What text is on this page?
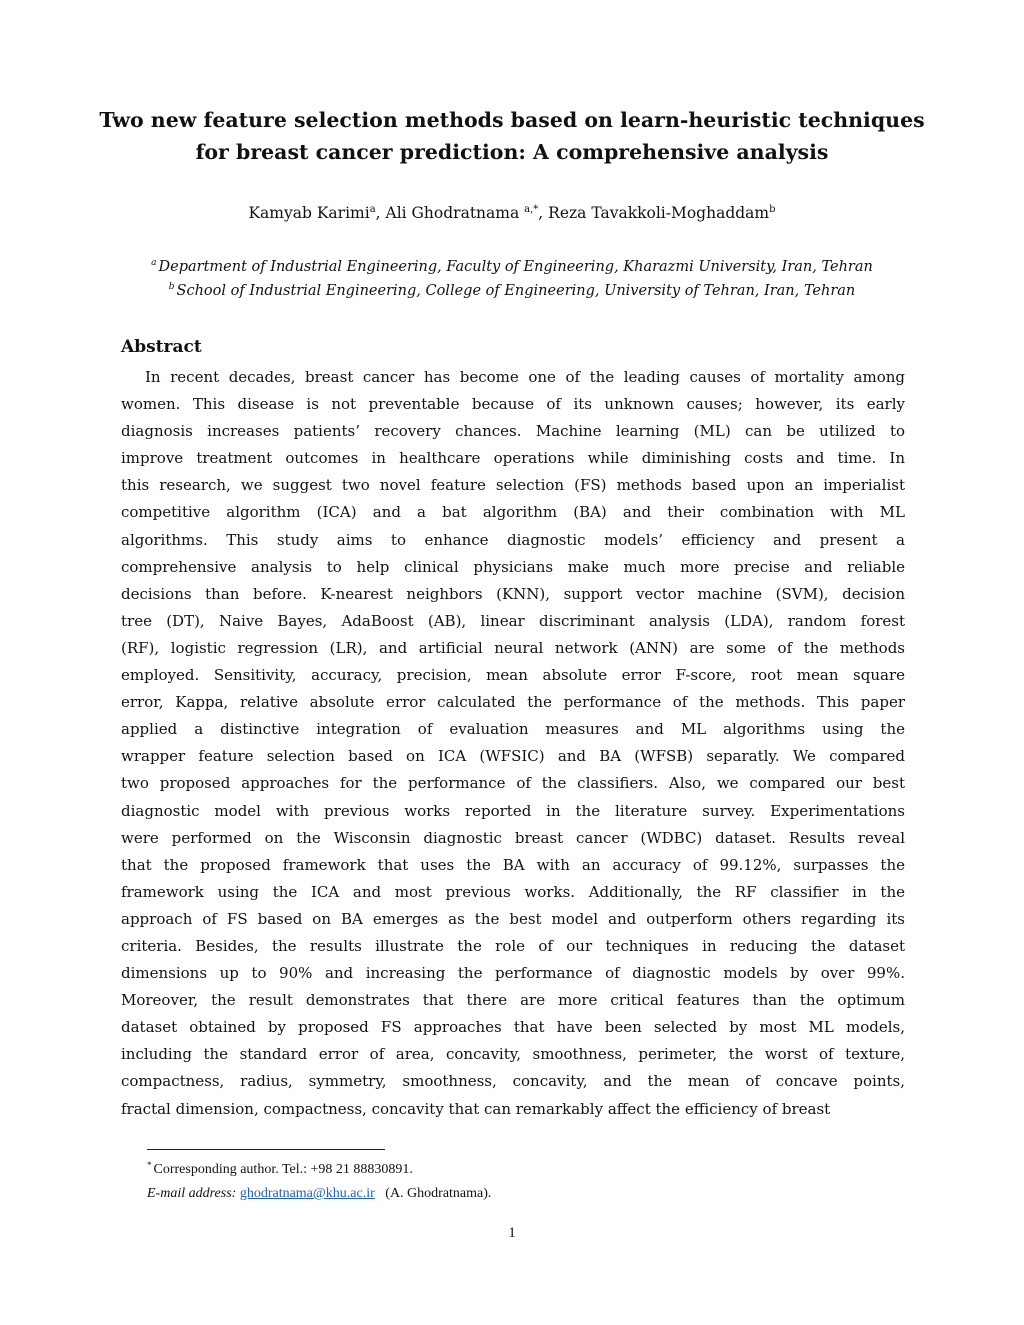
Two new feature selection methods based on learn-heuristic techniques
for breast cancer prediction: A comprehensive analysis
Kamyab Karimi$^a$, Ali Ghodratnama $^{a,*}$, Reza Tavakkoli-Moghaddam$^b$
$^a$ Department of Industrial Engineering, Faculty of Engineering, Kharazmi University, Iran, Tehran
$^b$ School of Industrial Engineering, College of Engineering, University of Tehran, Iran, Tehran
Abstract
In recent decades, breast cancer has become one of the leading causes of mortality among
women. This disease is not preventable because of its unknown causes; however, its early
diagnosis increases patients’ recovery chances. Machine learning (ML) can be utilized to
improve treatment outcomes in healthcare operations while diminishing costs and time. In
this research, we suggest two novel feature selection (FS) methods based upon an imperialist
competitive algorithm (ICA) and a bat algorithm (BA) and their combination with ML
algorithms. This study aims to enhance diagnostic models’ efficiency and present a
comprehensive analysis to help clinical physicians make much more precise and reliable
decisions than before. K-nearest neighbors (KNN), support vector machine (SVM), decision
tree (DT), Naive Bayes, AdaBoost (AB), linear discriminant analysis (LDA), random forest
(RF), logistic regression (LR), and artificial neural network (ANN) are some of the methods
employed. Sensitivity, accuracy, precision, mean absolute error F-score, root mean square
error, Kappa, relative absolute error calculated the performance of the methods. This paper
applied a distinctive integration of evaluation measures and ML algorithms using the
wrapper feature selection based on ICA (WFSIC) and BA (WFSB) separatly. We compared
two proposed approaches for the performance of the classifiers. Also, we compared our best
diagnostic model with previous works reported in the literature survey. Experimentations
were performed on the Wisconsin diagnostic breast cancer (WDBC) dataset. Results reveal
that the proposed framework that uses the BA with an accuracy of 99.12%, surpasses the
framework using the ICA and most previous works. Additionally, the RF classifier in the
approach of FS based on BA emerges as the best model and outperform others regarding its
criteria. Besides, the results illustrate the role of our techniques in reducing the dataset
dimensions up to 90% and increasing the performance of diagnostic models by over 99%.
Moreover, the result demonstrates that there are more critical features than the optimum
dataset obtained by proposed FS approaches that have been selected by most ML models,
including the standard error of area, concavity, smoothness, perimeter, the worst of texture,
compactness, radius, symmetry, smoothness, concavity, and the mean of concave points,
fractal dimension, compactness, concavity that can remarkably affect the efficiency of breast
* Corresponding author. Tel.: +98 21 88830891.
E-mail address: ghodratnama@khu.ac.ir (A. Ghodratnama).
1
